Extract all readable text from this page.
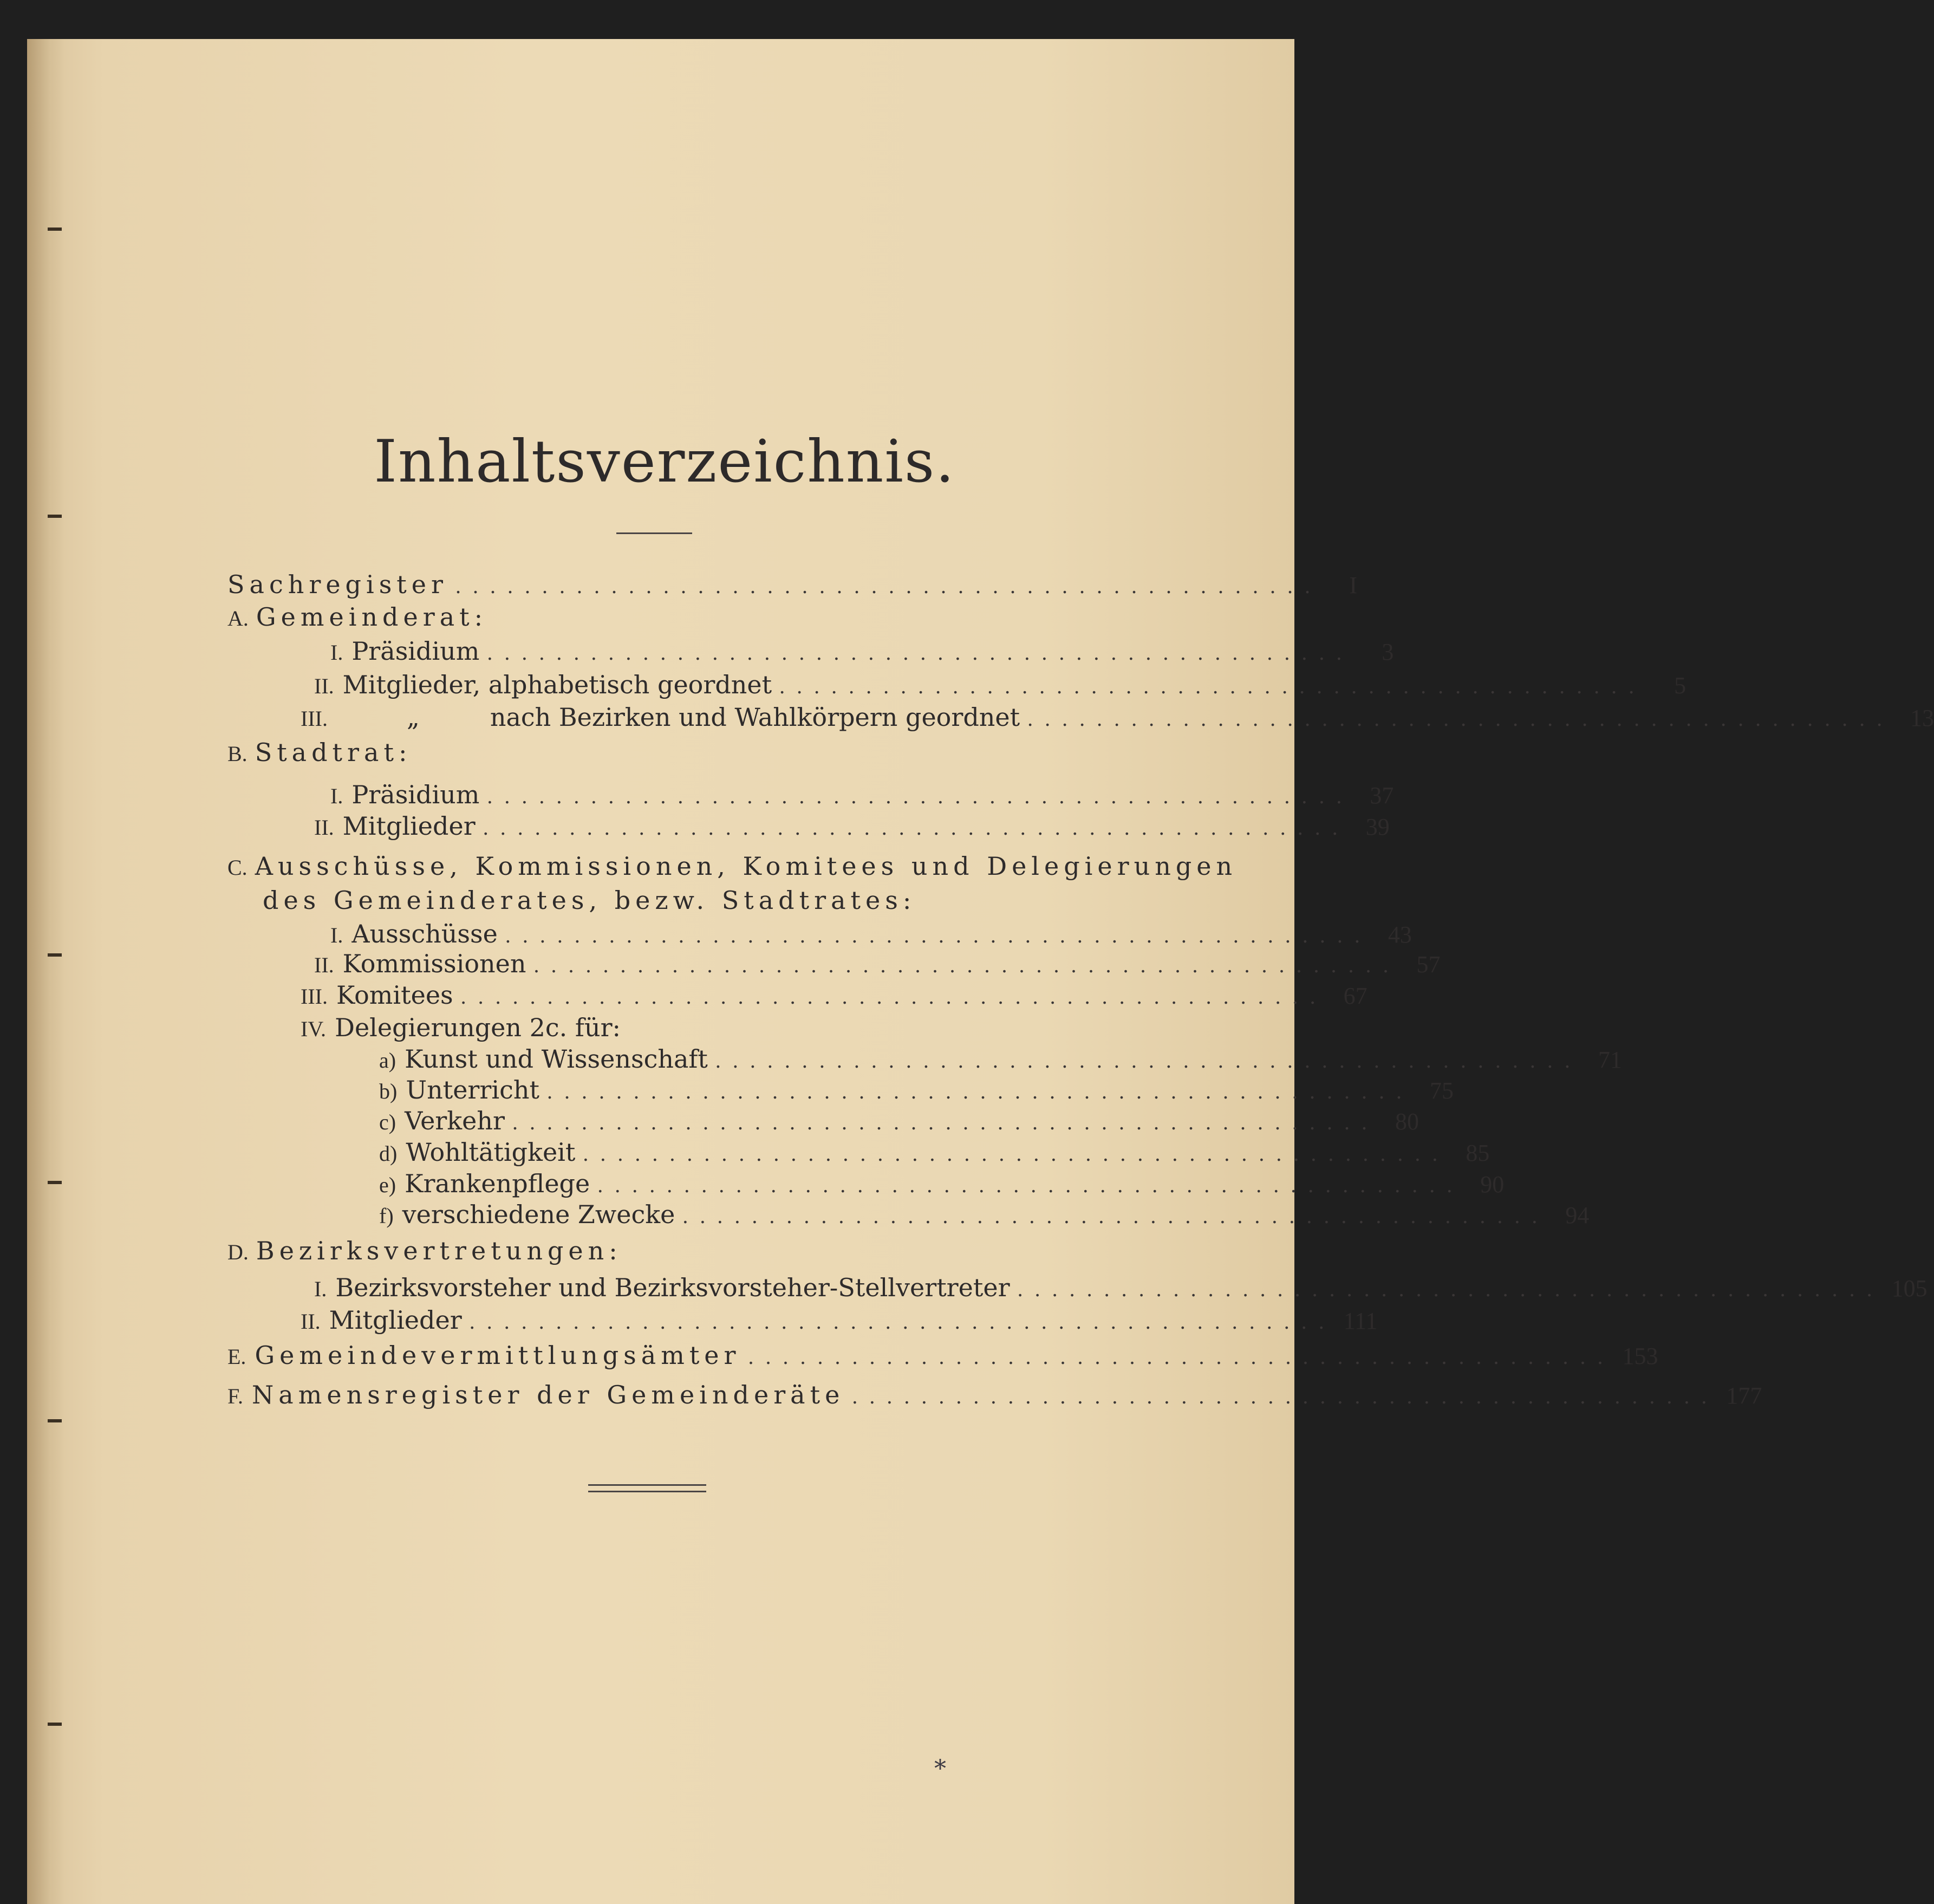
Inhaltsverzeichnis.
Sachregister ..................................................	I
A. Gemeinderat:
I. Präsidium ..................................................	3
II. Mitglieder, alphabetisch geordnet ..................................................	5
III.	„	nach Bezirken und Wahlkörpern geordnet .................................................. 13
B. Stadtrat:
I. Präsidium .................................................. 37
II. Mitglieder .................................................. 39
C. Ausschüsse, Kommissionen, Komitees und Delegierungen
des Gemeinderates, bezw. Stadtrates:
I. Ausschüsse .................................................. 43
II. Kommissionen .................................................. 57
III. Komitees .................................................. 67
IV. Delegierungen 2c. für:
a) Kunst und Wissenschaft .................................................. 71
b) Unterricht .................................................. 75
c) Verkehr .................................................. 80
d) Wohltätigkeit .................................................. 85
e) Krankenpflege .................................................. 90
f) verschiedene Zwecke .................................................. 94
D. Bezirksvertretungen:
I. Bezirksvorsteher und Bezirksvorsteher-Stellvertreter .................................................. 105
II. Mitglieder .................................................. 111
E. Gemeindevermittlungsämter .................................................. 153
F. Namensregister der Gemeinderäte .................................................. 177
*
